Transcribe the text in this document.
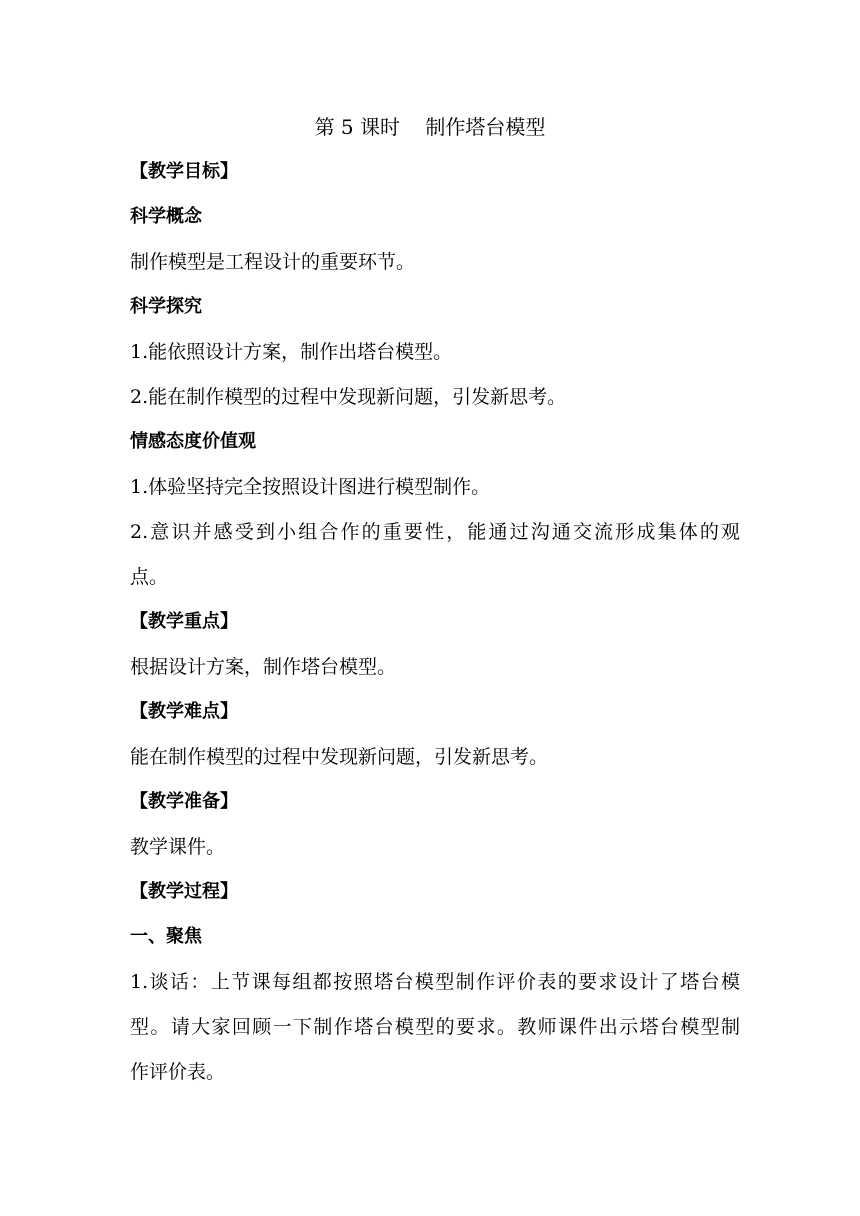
第 5 课时    制作塔台模型
【教学目标】
科学概念
制作模型是工程设计的重要环节。
科学探究
1.能依照设计方案，制作出塔台模型。
2.能在制作模型的过程中发现新问题，引发新思考。
情感态度价值观
1.体验坚持完全按照设计图进行模型制作。
2.意识并感受到小组合作的重要性，能通过沟通交流形成集体的观
点。
【教学重点】
根据设计方案，制作塔台模型。
【教学难点】
能在制作模型的过程中发现新问题，引发新思考。
【教学准备】
教学课件。
【教学过程】
一、聚焦
1.谈话：上节课每组都按照塔台模型制作评价表的要求设计了塔台模
型。请大家回顾一下制作塔台模型的要求。教师课件出示塔台模型制
作评价表。
